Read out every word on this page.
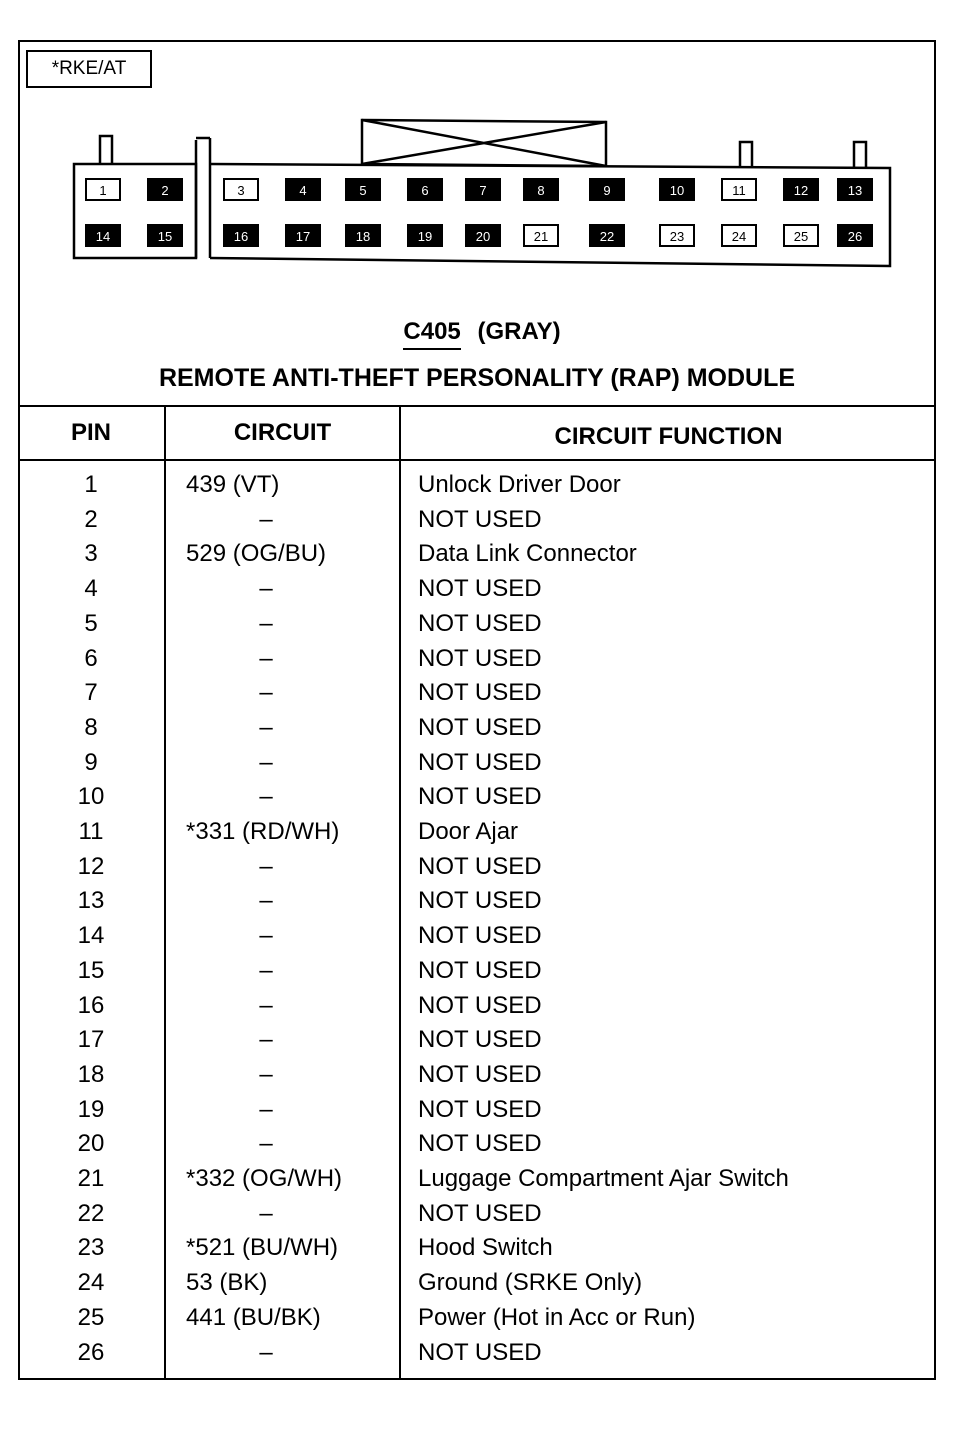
*RKE/AT
1	2	3	4	5	6	7	8	9	10	11	12	13
14	15	16	17	18	19	20	21	22	23	24	25	26
C405 (GRAY)
REMOTE ANTI-THEFT PERSONALITY (RAP) MODULE
PIN	CIRCUIT	CIRCUIT FUNCTION
1	439 (VT)	Unlock Driver Door
2	–	NOT USED
3	529 (OG/BU)	Data Link Connector
4	–	NOT USED
5	–	NOT USED
6	–	NOT USED
7	–	NOT USED
8	–	NOT USED
9	–	NOT USED
10	–	NOT USED
11	*331 (RD/WH)	Door Ajar
12	–	NOT USED
13	–	NOT USED
14	–	NOT USED
15	–	NOT USED
16	–	NOT USED
17	–	NOT USED
18	–	NOT USED
19	–	NOT USED
20	–	NOT USED
21	*332 (OG/WH)	Luggage Compartment Ajar Switch
22	–	NOT USED
23	*521 (BU/WH)	Hood Switch
24	53 (BK)	Ground (SRKE Only)
25	441 (BU/BK)	Power (Hot in Acc or Run)
26	–	NOT USED
